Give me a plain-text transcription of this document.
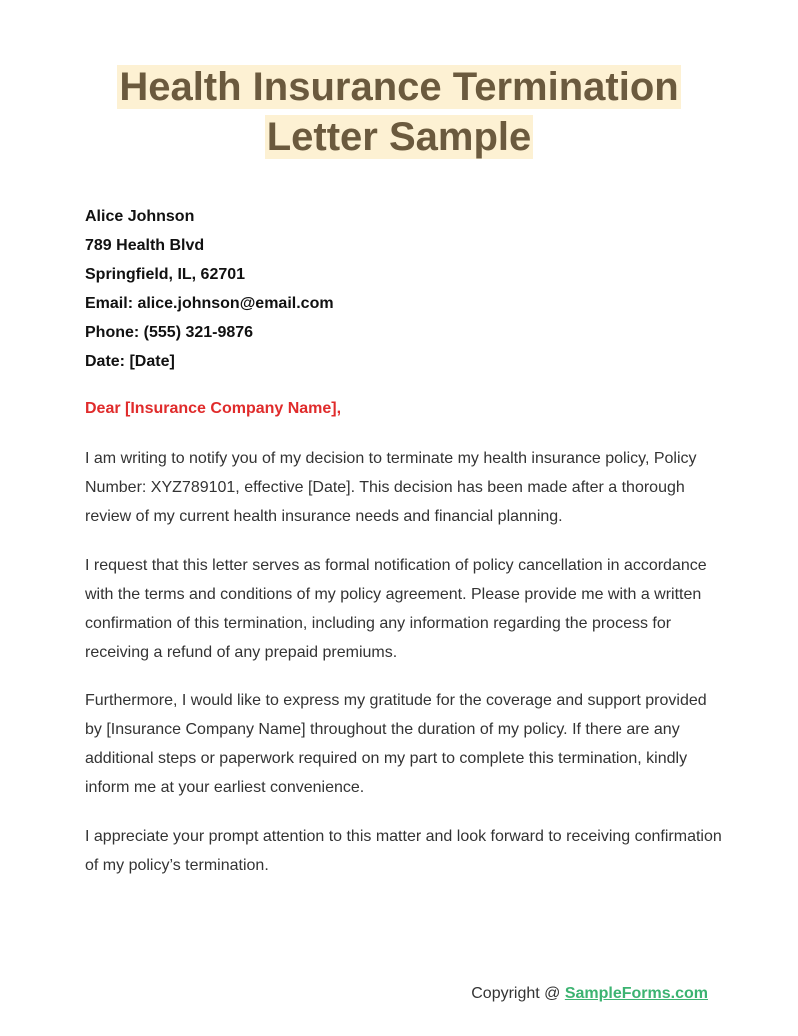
Health Insurance Termination
Letter Sample
Alice Johnson
789 Health Blvd
Springfield, IL, 62701
Email: alice.johnson@email.com
Phone: (555) 321-9876
Date: [Date]
Dear [Insurance Company Name],

I am writing to notify you of my decision to terminate my health insurance policy, Policy Number: XYZ789101, effective [Date]. This decision has been made after a thorough review of my current health insurance needs and financial planning.

I request that this letter serves as formal notification of policy cancellation in accordance with the terms and conditions of my policy agreement. Please provide me with a written confirmation of this termination, including any information regarding the process for receiving a refund of any prepaid premiums.

Furthermore, I would like to express my gratitude for the coverage and support provided by [Insurance Company Name] throughout the duration of my policy. If there are any additional steps or paperwork required on my part to complete this termination, kindly inform me at your earliest convenience.

I appreciate your prompt attention to this matter and look forward to receiving confirmation of my policy’s termination.

Copyright @ SampleForms.com
